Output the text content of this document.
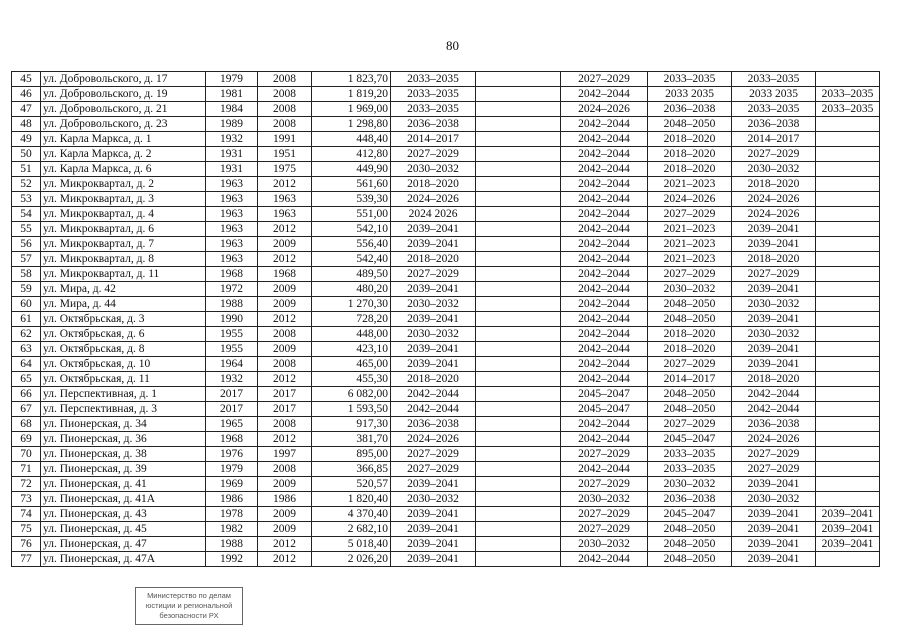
80
45	ул. Добровольского, д. 17	1979	2008	1 823,70	2033–2035		2027–2029	2033–2035	2033–2035	
46	ул. Добровольского, д. 19	1981	2008	1 819,20	2033–2035		2042–2044	2033 2035	2033 2035	2033–2035
47	ул. Добровольского, д. 21	1984	2008	1 969,00	2033–2035		2024–2026	2036–2038	2033–2035	2033–2035
48	ул. Добровольского, д. 23	1989	2008	1 298,80	2036–2038		2042–2044	2048–2050	2036–2038	
49	ул. Карла Маркса, д. 1	1932	1991	448,40	2014–2017		2042–2044	2018–2020	2014–2017	
50	ул. Карла Маркса, д. 2	1931	1951	412,80	2027–2029		2042–2044	2018–2020	2027–2029	
51	ул. Карла Маркса, д. 6	1931	1975	449,90	2030–2032		2042–2044	2018–2020	2030–2032	
52	ул. Микроквартал, д. 2	1963	2012	561,60	2018–2020		2042–2044	2021–2023	2018–2020	
53	ул. Микроквартал, д. 3	1963	1963	539,30	2024–2026		2042–2044	2024–2026	2024–2026	
54	ул. Микроквартал, д. 4	1963	1963	551,00	2024 2026		2042–2044	2027–2029	2024–2026	
55	ул. Микроквартал, д. 6	1963	2012	542,10	2039–2041		2042–2044	2021–2023	2039–2041	
56	ул. Микроквартал, д. 7	1963	2009	556,40	2039–2041		2042–2044	2021–2023	2039–2041	
57	ул. Микроквартал, д. 8	1963	2012	542,40	2018–2020		2042–2044	2021–2023	2018–2020	
58	ул. Микроквартал, д. 11	1968	1968	489,50	2027–2029		2042–2044	2027–2029	2027–2029	
59	ул. Мира, д. 42	1972	2009	480,20	2039–2041		2042–2044	2030–2032	2039–2041	
60	ул. Мира, д. 44	1988	2009	1 270,30	2030–2032		2042–2044	2048–2050	2030–2032	
61	ул. Октябрьская, д. 3	1990	2012	728,20	2039–2041		2042–2044	2048–2050	2039–2041	
62	ул. Октябрьская, д. 6	1955	2008	448,00	2030–2032		2042–2044	2018–2020	2030–2032	
63	ул. Октябрьская, д. 8	1955	2009	423,10	2039–2041		2042–2044	2018–2020	2039–2041	
64	ул. Октябрьская, д. 10	1964	2008	465,00	2039–2041		2042–2044	2027–2029	2039–2041	
65	ул. Октябрьская, д. 11	1932	2012	455,30	2018–2020		2042–2044	2014–2017	2018–2020	
66	ул. Перспективная, д. 1	2017	2017	6 082,00	2042–2044		2045–2047	2048–2050	2042–2044	
67	ул. Перспективная, д. 3	2017	2017	1 593,50	2042–2044		2045–2047	2048–2050	2042–2044	
68	ул. Пионерская, д. 34	1965	2008	917,30	2036–2038		2042–2044	2027–2029	2036–2038	
69	ул. Пионерская, д. 36	1968	2012	381,70	2024–2026		2042–2044	2045–2047	2024–2026	
70	ул. Пионерская, д. 38	1976	1997	895,00	2027–2029		2027–2029	2033–2035	2027–2029	
71	ул. Пионерская, д. 39	1979	2008	366,85	2027–2029		2042–2044	2033–2035	2027–2029	
72	ул. Пионерская, д. 41	1969	2009	520,57	2039–2041		2027–2029	2030–2032	2039–2041	
73	ул. Пионерская, д. 41А	1986	1986	1 820,40	2030–2032		2030–2032	2036–2038	2030–2032	
74	ул. Пионерская, д. 43	1978	2009	4 370,40	2039–2041		2027–2029	2045–2047	2039–2041	2039–2041
75	ул. Пионерская, д. 45	1982	2009	2 682,10	2039–2041		2027–2029	2048–2050	2039–2041	2039–2041
76	ул. Пионерская, д. 47	1988	2012	5 018,40	2039–2041		2030–2032	2048–2050	2039–2041	2039–2041
77	ул. Пионерская, д. 47А	1992	2012	2 026,20	2039–2041		2042–2044	2048–2050	2039–2041	
Министерство по делам
юстиции и региональной
безопасности РХ
